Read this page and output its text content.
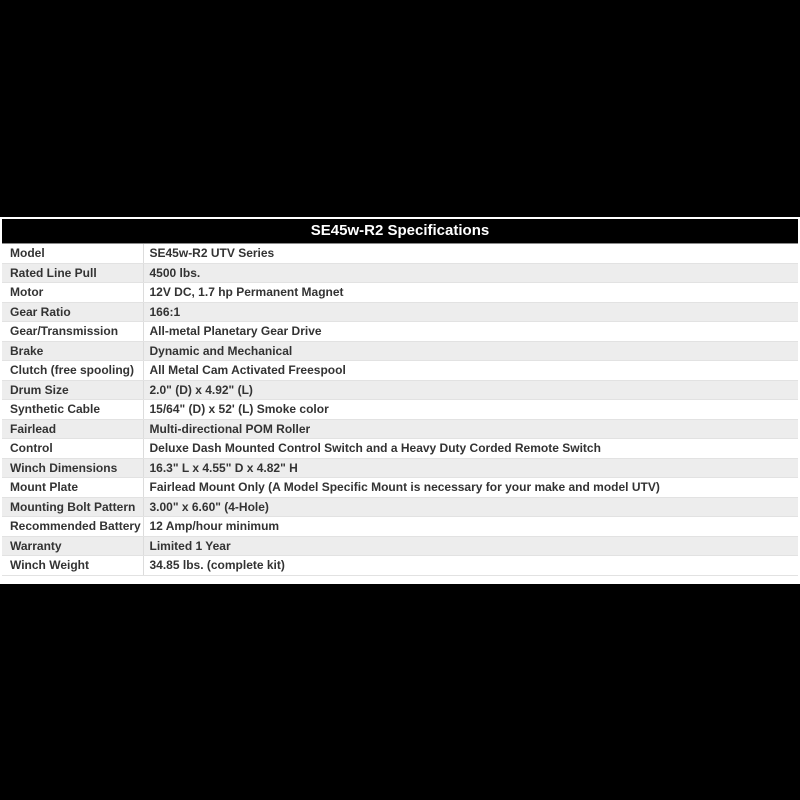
SE45w-R2 Specifications
Model	SE45w-R2 UTV Series
Rated Line Pull	4500 lbs.
Motor	12V DC, 1.7 hp Permanent Magnet
Gear Ratio	166:1
Gear/Transmission	All-metal Planetary Gear Drive
Brake	Dynamic and Mechanical
Clutch (free spooling)	All Metal Cam Activated Freespool
Drum Size	2.0" (D) x 4.92" (L)
Synthetic Cable	15/64" (D) x 52' (L) Smoke color
Fairlead	Multi-directional POM Roller
Control	Deluxe Dash Mounted Control Switch and a Heavy Duty Corded Remote Switch
Winch Dimensions	16.3" L x 4.55" D x 4.82" H
Mount Plate	Fairlead Mount Only (A Model Specific Mount is necessary for your make and model UTV)
Mounting Bolt Pattern	3.00" x 6.60" (4-Hole)
Recommended Battery	12 Amp/hour minimum
Warranty	Limited 1 Year
Winch Weight	34.85 lbs. (complete kit)
